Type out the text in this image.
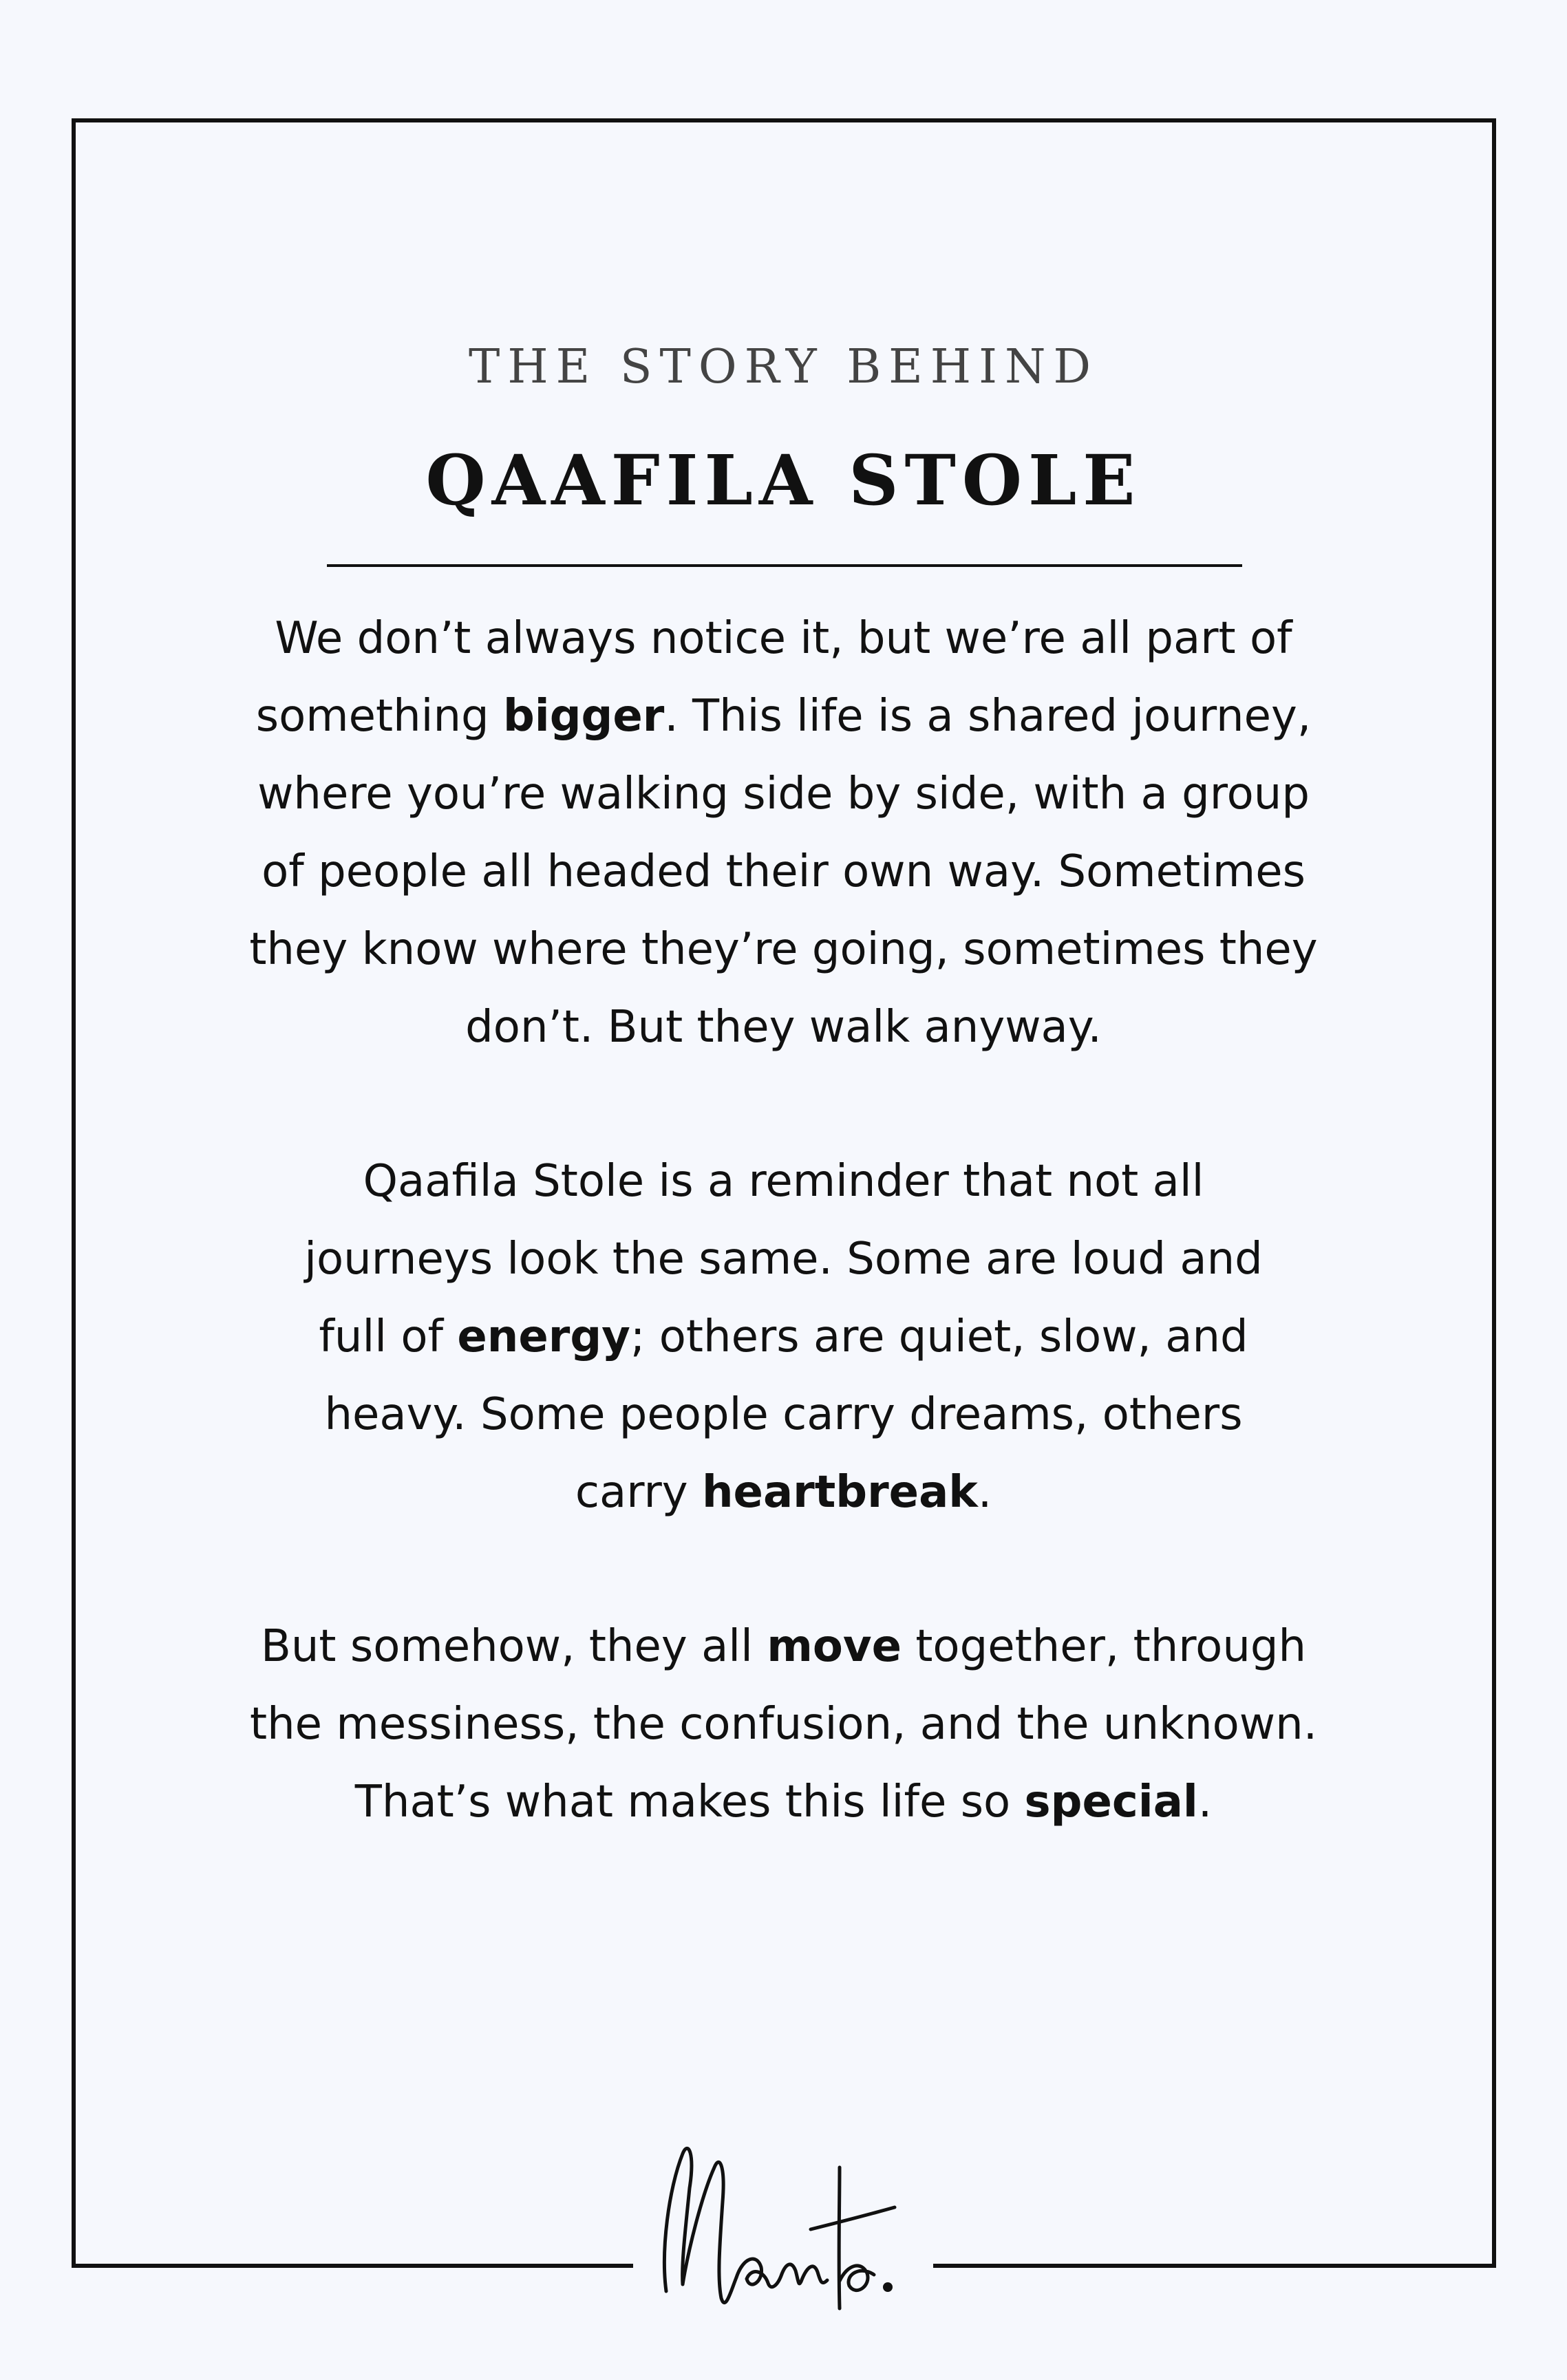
THE STORY BEHIND
QAAFILA STOLE
We don’t always notice it, but we’re all part of
something bigger. This life is a shared journey,
where you’re walking side by side, with a group
of people all headed their own way. Sometimes
they know where they’re going, sometimes they
don’t. But they walk anyway.
Qaafila Stole is a reminder that not all
journeys look the same. Some are loud and
full of energy; others are quiet, slow, and
heavy. Some people carry dreams, others
carry heartbreak.
But somehow, they all move together, through
the messiness, the confusion, and the unknown.
That’s what makes this life so special.
